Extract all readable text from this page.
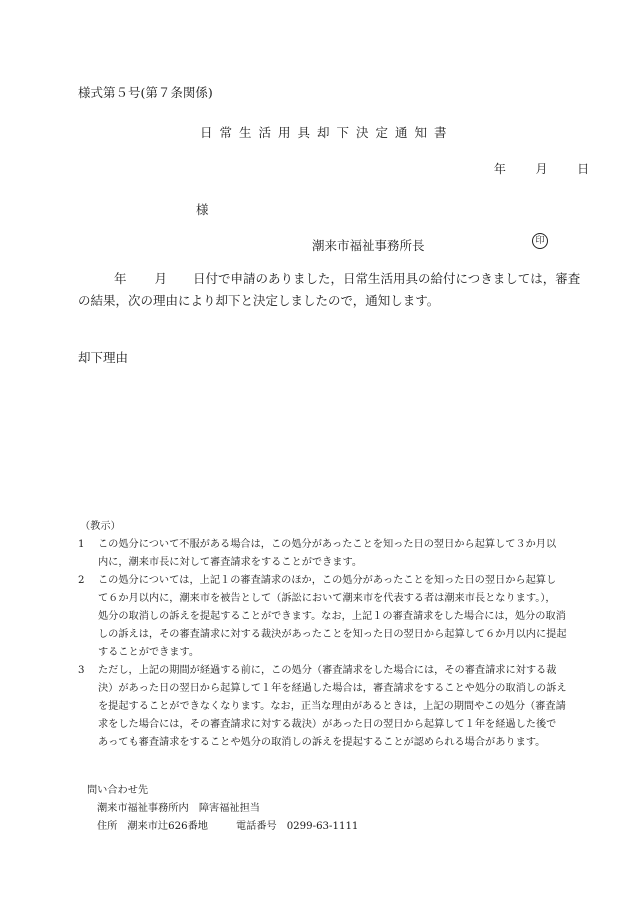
様式第５号(第７条関係)
日常生活用具却下決定通知書
年 月 日
様
潮来市福祉事務所長	印
年 月 日付で申請のありました，日常生活用具の給付につきましては，審査
の結果，次の理由により却下と決定しましたので，通知します。
却下理由
（教示）
1 この処分について不服がある場合は，この処分があったことを知った日の翌日から起算して３か月以
内に，潮来市長に対して審査請求をすることができます。
2 この処分については，上記１の審査請求のほか，この処分があったことを知った日の翌日から起算し
て６か月以内に，潮来市を被告として（訴訟において潮来市を代表する者は潮来市長となります。），
処分の取消しの訴えを提起することができます。なお，上記１の審査請求をした場合には，処分の取消
しの訴えは，その審査請求に対する裁決があったことを知った日の翌日から起算して６か月以内に提起
することができます。
3 ただし，上記の期間が経過する前に，この処分（審査請求をした場合には，その審査請求に対する裁
決）があった日の翌日から起算して１年を経過した場合は，審査請求をすることや処分の取消しの訴え
を提起することができなくなります。なお，正当な理由があるときは，上記の期間やこの処分（審査請
求をした場合には，その審査請求に対する裁決）があった日の翌日から起算して１年を経過した後で
あっても審査請求をすることや処分の取消しの訴えを提起することが認められる場合があります。
問い合わせ先
潮来市福祉事務所内　障害福祉担当
住所 潮来市辻626番地	電話番号 0299-63-1111
